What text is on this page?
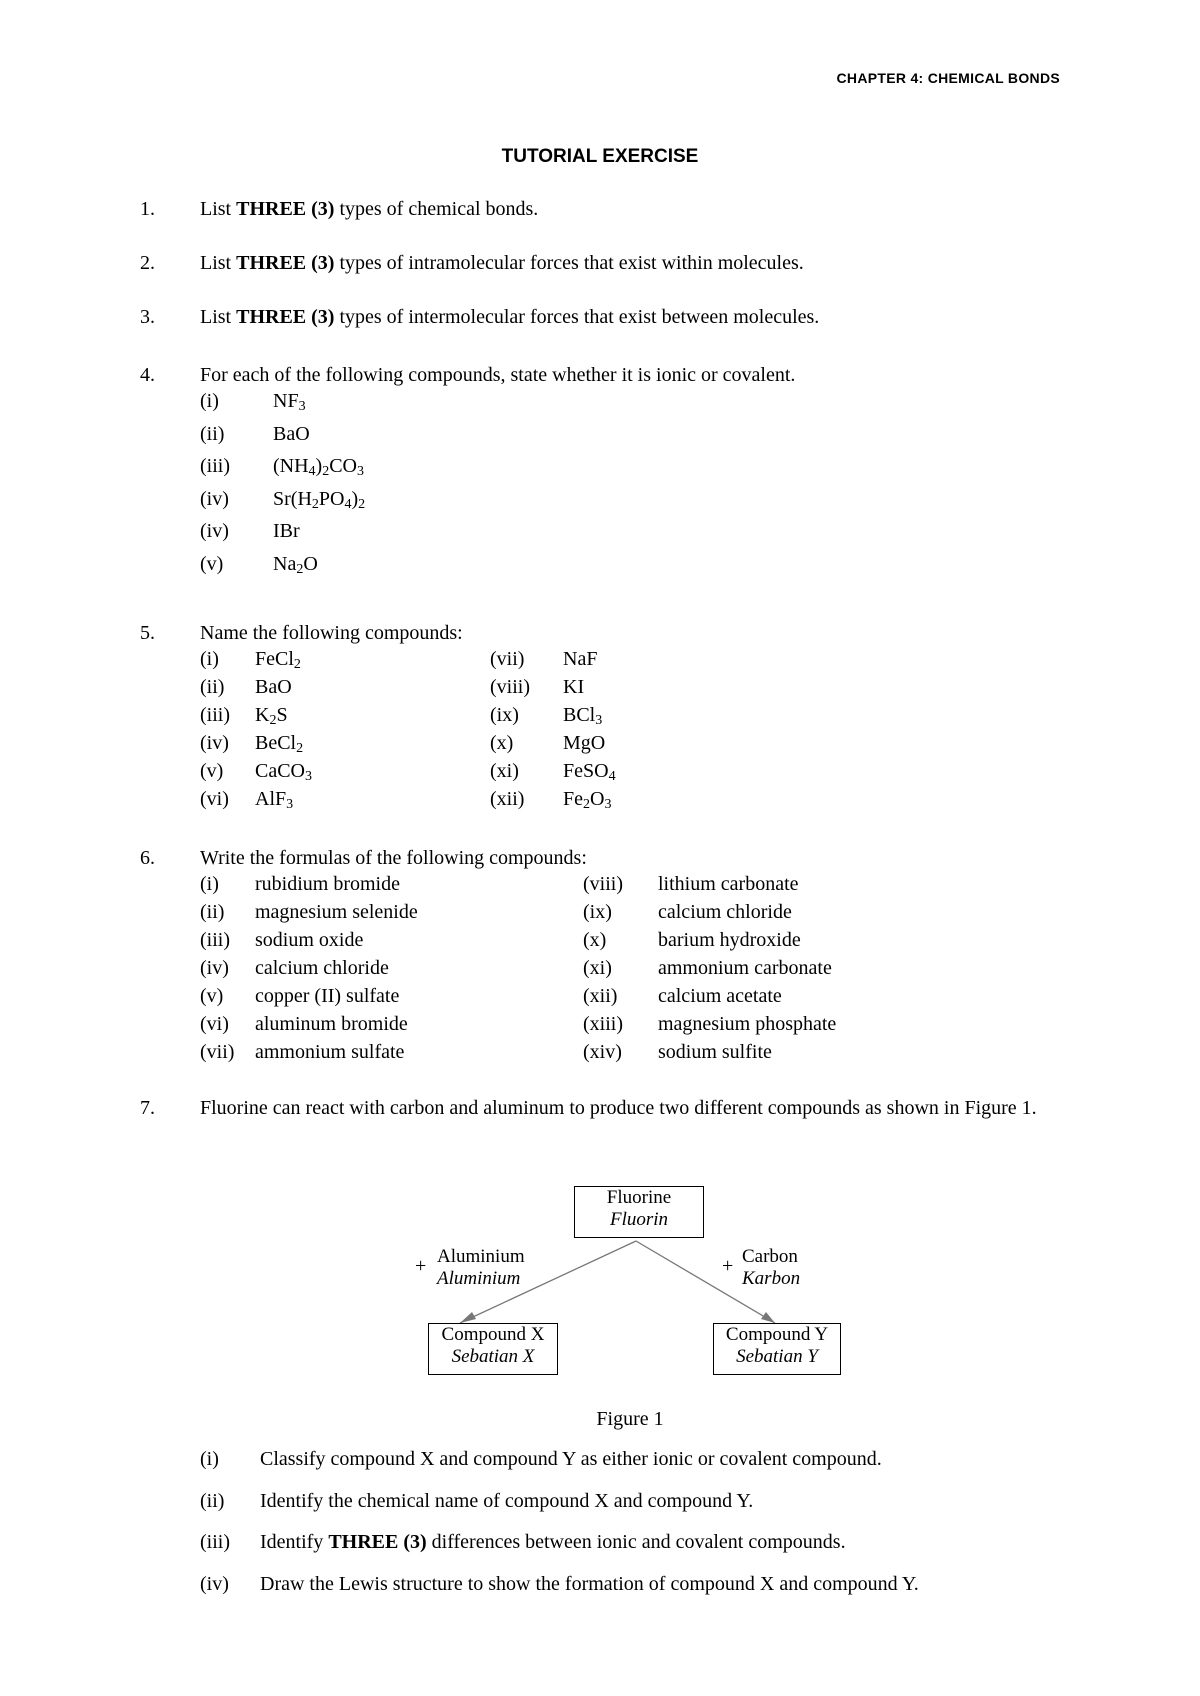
CHAPTER 4: CHEMICAL BONDS
TUTORIAL EXERCISE
1. List THREE (3) types of chemical bonds.
2. List THREE (3) types of intramolecular forces that exist within molecules.
3. List THREE (3) types of intermolecular forces that exist between molecules.
4. For each of the following compounds, state whether it is ionic or covalent.
(i)	$NF_3$
(ii) BaO
(iii) $(NH_4)_2CO_3$
(iv) $Sr(H_2PO_4)_2$
(iv) IBr
(v) $Na_2O$
5. Name the following compounds:
(i) FeCl$_2$
(ii) BaO
(iii) $K_2S$
(iv) BeCl$_2$
(v) CaCO$_3$
(vi) AlF$_3$
(vii) NaF
(viii) KI
(ix) BCl$_3$
(x) MgO
(xi) FeSO$_4$
(xii) $Fe_2O_3$
6. Write the formulas of the following compounds:
(i) rubidium bromide
(ii) magnesium selenide
(iii) sodium oxide
(iv) calcium chloride
(v) copper (II) sulfate
(vi) aluminum bromide
(vii) ammonium sulfate
(viii) lithium carbonate
(ix) calcium chloride
(x)	barium hydroxide
(xi) ammonium carbonate
(xii) calcium acetate
(xiii) magnesium phosphate
(xiv) sodium sulfite
7. Fluorine can react with carbon and aluminum to produce two different compounds as shown in Figure 1.
Fluorine
Fluorin
+ Aluminium
Aluminium
+ Carbon
Karbon
Compound X
Sebatian X
Compound Y
Sebatian Y
Figure 1
(i) Classify compound X and compound Y as either ionic or covalent compound.
(ii) Identify the chemical name of compound X and compound Y.
(iii) Identify THREE (3) differences between ionic and covalent compounds.
(iv) Draw the Lewis structure to show the formation of compound X and compound Y.
